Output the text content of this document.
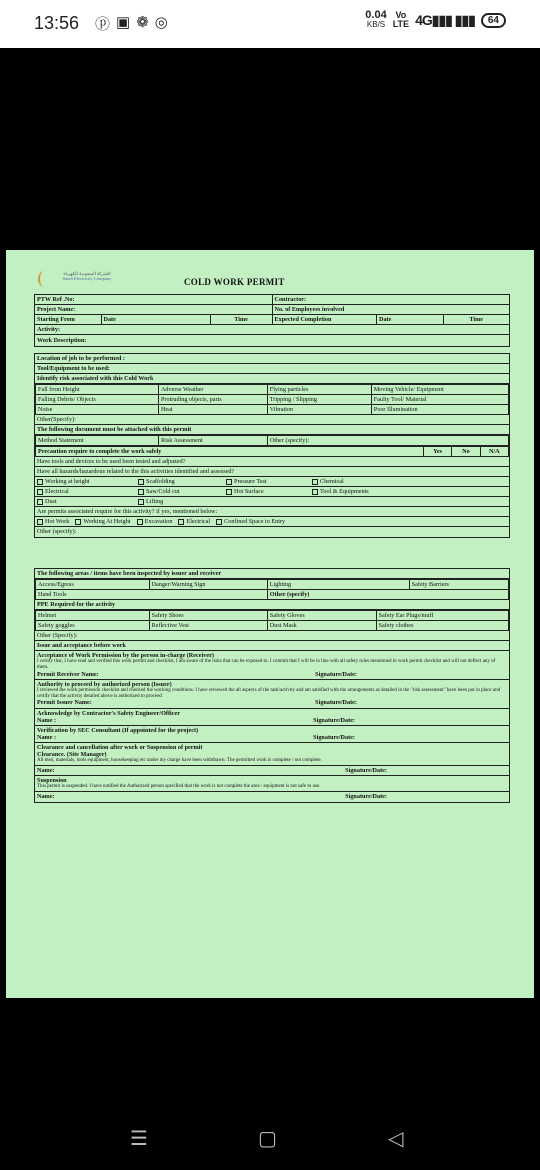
13:56 ⓟ ▣ ❁ ◎	0.04
KB/S
Vo
LTE 4G▮▮▮ ▮▮▮	64
الشركة السعودية للكهرباء
Saudi Electricity Company	COLD WORK PERMIT
PTW Ref .No:			Contractor:		
Project Name:			No. of Employees involved		
Starting From	Date	Time	Expected Completion	Date	Time
Activity:					
Work Description:					
Location of job to be performed :
Tool/Equipment to be used:
Identify risk associated with this Cold Work
Fall from Height	Adverse Weather	Flying particles	Moving Vehicle/ Equipment
Falling Debris/ Objects	Protruding objects, parts	Tripping / Slipping	Faulty Tool/ Material
Noise	Heat	Vibration	Poor Illumination
Other(Specify):
The following document must be attached with this permit
Method Statement	Risk Assessment	Other (specify):
Precaution require to complete the work safely	Yes	No	N/A
Have tools and devices to be used been tested and adjusted?
Have all hazards/hazardous related to the this activities identified and assessed?
Working at height	Scaffolding	Pressure Test	Chemical
Electrical	Saw/Cold cut	Hot Surface	Tool & Equipments
Dust	Lifting
Are permits associated require for this activity? if yes, mentioned below:
Hot Work	Working At Height	Excavation	Electrical	Confined Space to Entry
Other (specify):
The following areas / items have been inspected by issuer and receiver
Access/Egress	Danger/Warning Sign	Lighting	Safety Barriers
Hand Tools		Other (specify)	
PPE Required for the activity
Helmet	Safety Shoes	Safety Gloves	Safety Ear Plugs/muff
Safety goggles	Reflective Vest	Dust Mask	Safety clothes
Other (Specify):
Issue and acceptance before work
Acceptance of Work Permission by the person in-charge (Receiver)
I certify that, I have read and verified this work permit and checklist, I am aware of the risks that can be exposed to. I commit that I will be in line with all safety rules mentioned in work permit checklist and will not deflect any of them.
Permit Receiver Name:	Signature/Date:
Authority to proceed by authorized person (Issuer)
I reviewed the work permission checklist and checked the working conditions. I have reviewed the all aspects of the task/activity and am satisfied with the arrangements as detailed in the "risk assessment" have been put in place and certify that the activity detailed above is authorized to proceed
Permit Issuer Name:	Signature/Date:
Acknowledge by Contractor's Safety Engineer/Officer
Name :	Signature/Date:
Verification by SEC Consultant (If appointed for the project)
Name :	Signature/Date:
Clearance and cancellation after work or Suspension of permit
Clearance. (Site Manager)
All men, materials, tools equipment, housekeeping etc under my charge have been withdrawn. The permitted work is complete / not complete.
Name:	Signature/Date:
Suspension
This permit is suspended. I have notified the Authorized person specified that the work is not complete the area / equipment is not safe to use.
Name:	Signature/Date:
☰	▢	◁
